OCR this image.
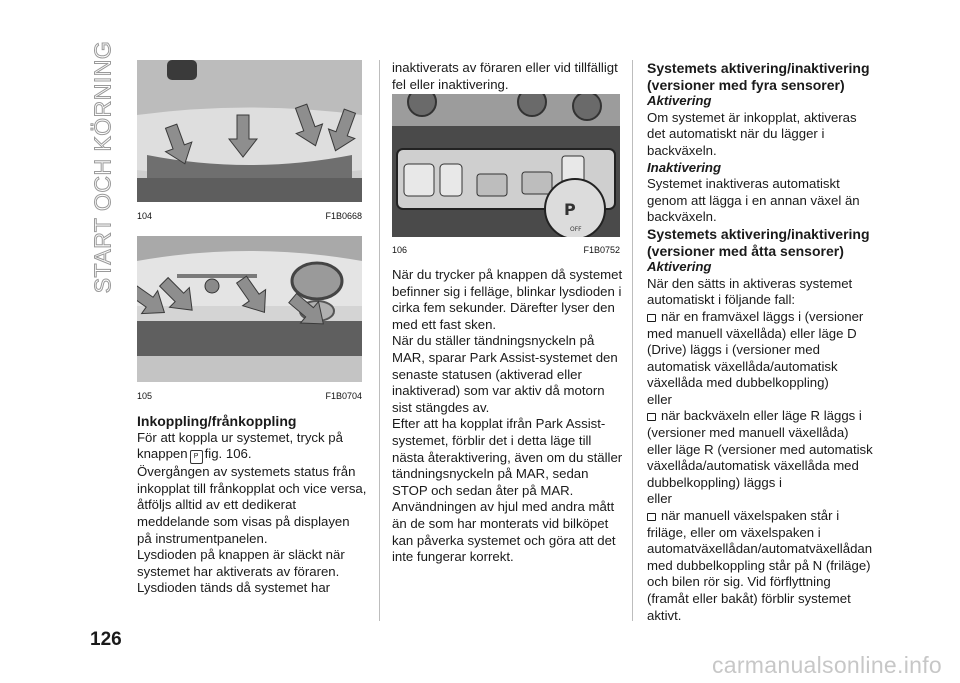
START OCH KÖRNING 104	F1B0668
105	F1B0704
Inkoppling/frånkoppling

För att koppla ur systemet, tryck på
knappen P fig. 106.

Övergången av systemets status från inkopplat till frånkopplat och vice versa, åtföljs alltid av ett dedikerat meddelande som visas på displayen på instrumentpanelen.

Lysdioden på knappen är släckt när systemet har aktiverats av föraren. Lysdioden tänds då systemet har

inaktiverats av föraren eller vid tillfälligt fel eller inaktivering.

P
OFF
106	F1B0752

När du trycker på knappen då systemet befinner sig i felläge, blinkar lysdioden i cirka fem sekunder. Därefter lyser den med ett fast sken.

När du ställer tändningsnyckeln på MAR, sparar Park Assist-systemet den senaste statusen (aktiverad eller inaktiverad) som var aktiv då motorn sist stängdes av.

Efter att ha kopplat ifrån Park Assist-systemet, förblir det i detta läge till nästa återaktivering, även om du ställer tändningsnyckeln på MAR, sedan STOP och sedan åter på MAR.

Användningen av hjul med andra mått än de som har monterats vid bilköpet kan påverka systemet och göra att det inte fungerar korrekt.

Systemets aktivering/inaktivering (versioner med fyra sensorer)

Aktivering

Om systemet är inkopplat, aktiveras det automatiskt när du lägger i backväxeln.

Inaktivering

Systemet inaktiveras automatiskt genom att lägga i en annan växel än backväxeln.

Systemets aktivering/inaktivering (versioner med åtta sensorer)

Aktivering

När den sätts in aktiveras systemet automatiskt i följande fall:

när en framväxel läggs i (versioner med manuell växellåda) eller läge D (Drive) läggs i (versioner med automatisk växellåda/automatisk växellåda med dubbelkoppling)

eller

när backväxeln eller läge R läggs i (versioner med manuell växellåda) eller läge R (versioner med automatisk växellåda/automatisk växellåda med dubbelkoppling) läggs i

eller

när manuell växelspaken står i friläge, eller om växelspaken i automatväxellådan/automatväxellådan med dubbelkoppling står på N (friläge) och bilen rör sig. Vid förflyttning (framåt eller bakåt) förblir systemet aktivt.

126
carmanualsonline.info
